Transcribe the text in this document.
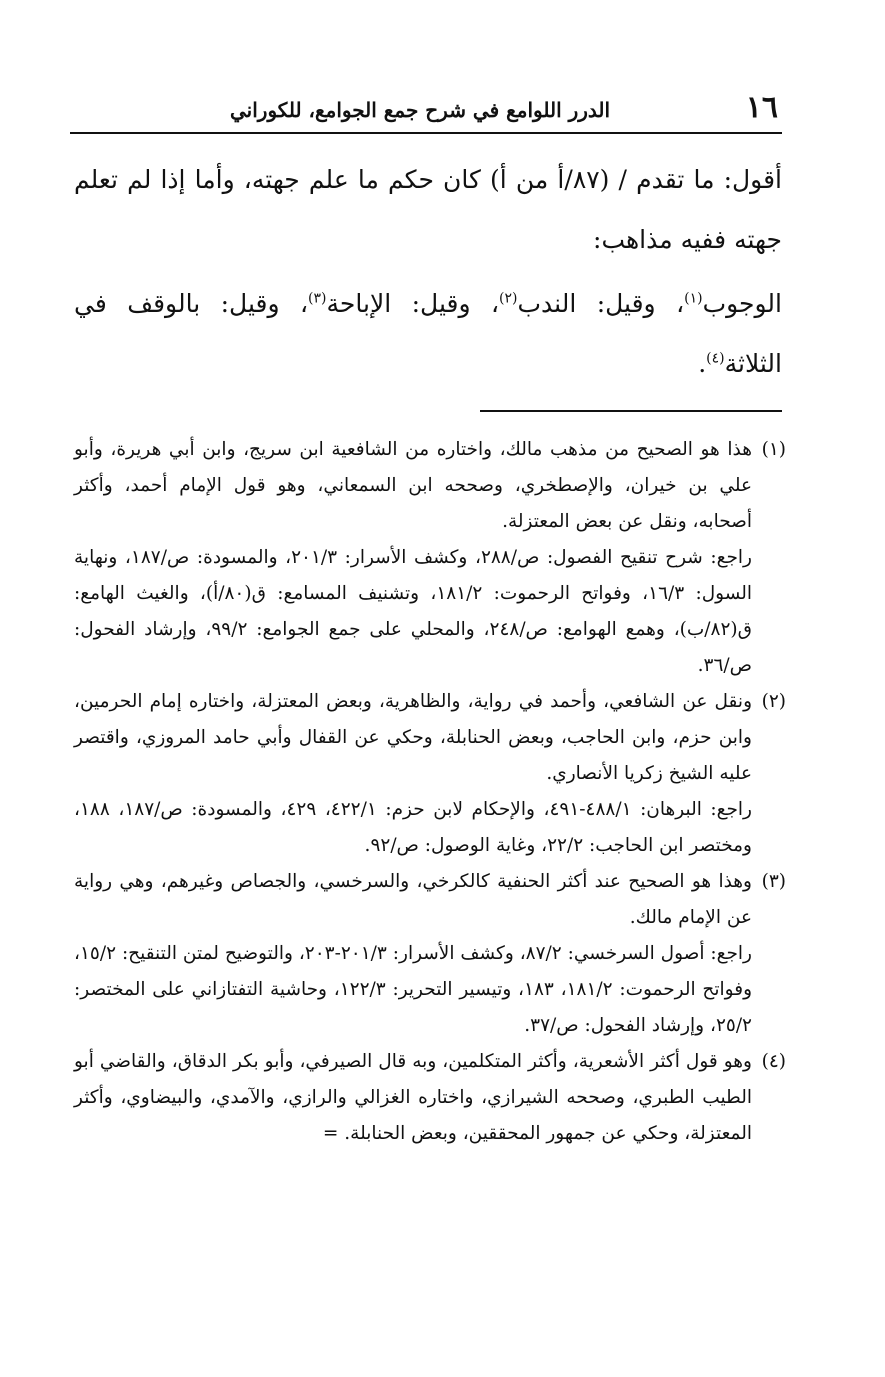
١٦
الدرر اللوامع في شرح جمع الجوامع، للكوراني

أقول: ما تقدم / (٨٧/أ من أ) كان حكم ما علم جهته، وأما إذا لم تعلم جهته ففيه مذاهب:

الوجوب$^{(١)}$، وقيل: الندب$^{(٢)}$، وقيل: الإباحة$^{(٣)}$، وقيل: بالوقف في الثلاثة$^{(٤)}$.

(١)

هذا هو الصحيح من مذهب مالك، واختاره من الشافعية ابن سريج، وابن أبي هريرة، وأبو علي بن خيران، والإصطخري، وصححه ابن السمعاني، وهو قول الإمام أحمد، وأكثر أصحابه، ونقل عن بعض المعتزلة.

راجع: شرح تنقيح الفصول: ص/٢٨٨، وكشف الأسرار: ٢٠١/٣، والمسودة: ص/١٨٧، ونهاية السول: ١٦/٣، وفواتح الرحموت: ١٨١/٢، وتشنيف المسامع: ق(٨٠/أ)، والغيث الهامع: ق(٨٢/ب)، وهمع الهوامع: ص/٢٤٨، والمحلي على جمع الجوامع: ٩٩/٢، وإرشاد الفحول: ص/٣٦.

(٢)

ونقل عن الشافعي، وأحمد في رواية، والظاهرية، وبعض المعتزلة، واختاره إمام الحرمين، وابن حزم، وابن الحاجب، وبعض الحنابلة، وحكي عن القفال وأبي حامد المروزي، واقتصر عليه الشيخ زكريا الأنصاري.

راجع: البرهان: ٤٨٨/١-٤٩١، والإحكام لابن حزم: ٤٢٢/١، ٤٢٩، والمسودة: ص/١٨٧، ١٨٨، ومختصر ابن الحاجب: ٢٢/٢، وغاية الوصول: ص/٩٢.

(٣)

وهذا هو الصحيح عند أكثر الحنفية كالكرخي، والسرخسي، والجصاص وغيرهم، وهي رواية عن الإمام مالك.

راجع: أصول السرخسي: ٨٧/٢، وكشف الأسرار: ٢٠١/٣-٢٠٣، والتوضيح لمتن التنقيح: ١٥/٢، وفواتح الرحموت: ١٨١/٢، ١٨٣، وتيسير التحرير: ١٢٢/٣، وحاشية التفتازاني على المختصر: ٢٥/٢، وإرشاد الفحول: ص/٣٧.

(٤)

وهو قول أكثر الأشعرية، وأكثر المتكلمين، وبه قال الصيرفي، وأبو بكر الدقاق، والقاضي أبو الطيب الطبري، وصححه الشيرازي، واختاره الغزالي والرازي، والآمدي، والبيضاوي، وأكثر المعتزلة، وحكي عن جمهور المحققين، وبعض الحنابلة. =
